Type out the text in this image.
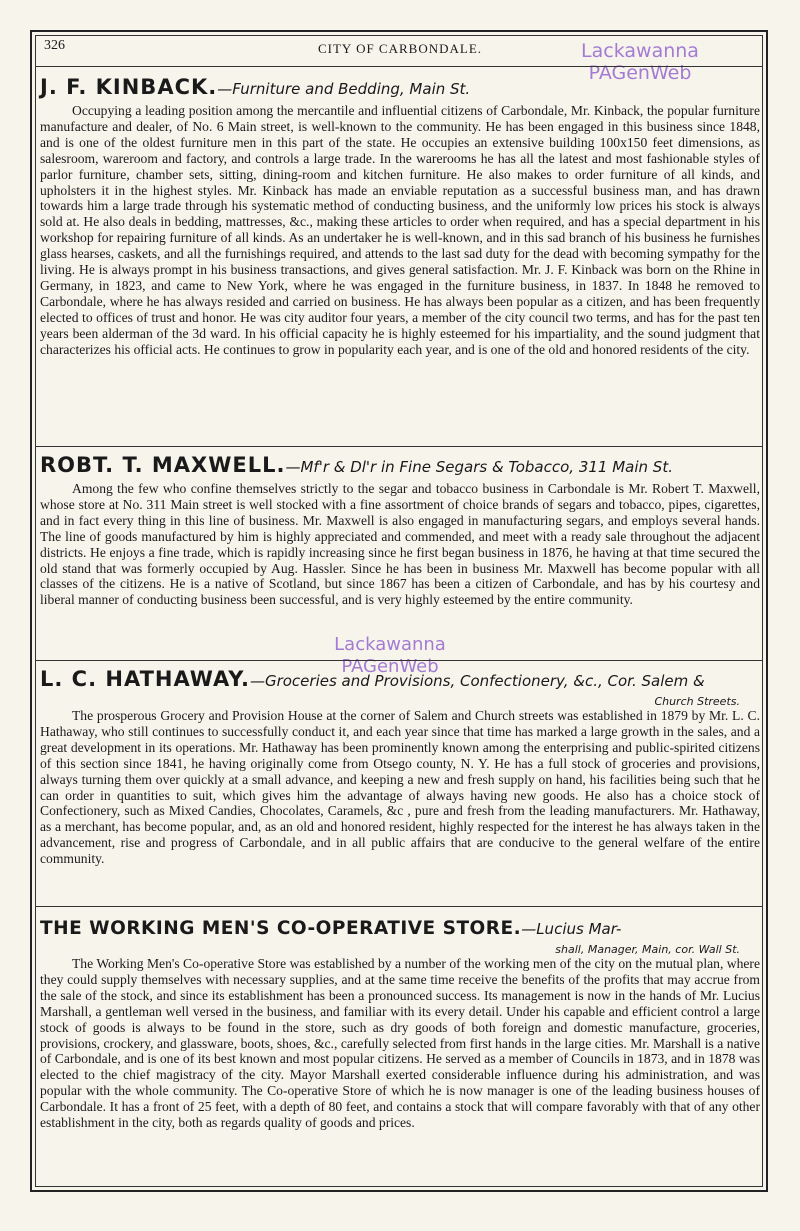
326	CITY OF CARBONDALE.	Lackawanna
PAGenWeb
J. F. KINBACK.—Furniture and Bedding, Main St.

Occupying a leading position among the mercantile and influential citizens of Carbondale, Mr. Kinback, the popular furniture manufacture and dealer, of No. 6 Main street, is well-known to the community. He has been engaged in this business since 1848, and is one of the oldest furniture men in this part of the state. He occupies an extensive building 100x150 feet dimensions, as salesroom, wareroom and factory, and controls a large trade. In the warerooms he has all the latest and most fashionable styles of parlor furniture, chamber sets, sitting, dining-room and kitchen furniture. He also makes to order furniture of all kinds, and upholsters it in the highest styles. Mr. Kinback has made an enviable reputation as a successful business man, and has drawn towards him a large trade through his systematic method of conducting business, and the uniformly low prices his stock is always sold at. He also deals in bedding, mattresses, &c., making these articles to order when required, and has a special department in his workshop for repairing furniture of all kinds. As an undertaker he is well-known, and in this sad branch of his business he furnishes glass hearses, caskets, and all the furnishings required, and attends to the last sad duty for the dead with becoming sympathy for the living. He is always prompt in his business transactions, and gives general satisfaction. Mr. J. F. Kinback was born on the Rhine in Germany, in 1823, and came to New York, where he was engaged in the furniture business, in 1837. In 1848 he removed to Carbondale, where he has always resided and carried on business. He has always been popular as a citizen, and has been frequently elected to offices of trust and honor. He was city auditor four years, a member of the city council two terms, and has for the past ten years been alderman of the 3d ward. In his official capacity he is highly esteemed for his impartiality, and the sound judgment that characterizes his official acts. He continues to grow in popularity each year, and is one of the old and honored residents of the city.

ROBT. T. MAXWELL.—Mf'r & Dl'r in Fine Segars & Tobacco, 311 Main St.

Among the few who confine themselves strictly to the segar and tobacco business in Carbondale is Mr. Robert T. Maxwell, whose store at No. 311 Main street is well stocked with a fine assortment of choice brands of segars and tobacco, pipes, cigarettes, and in fact every thing in this line of business. Mr. Maxwell is also engaged in manufacturing segars, and employs several hands. The line of goods manufactured by him is highly appreciated and commended, and meet with a ready sale throughout the adjacent districts. He enjoys a fine trade, which is rapidly increasing since he first began business in 1876, he having at that time secured the old stand that was formerly occupied by Aug. Hassler. Since he has been in business Mr. Maxwell has become popular with all classes of the citizens. He is a native of Scotland, but since 1867 has been a citizen of Carbondale, and has by his courtesy and liberal manner of conducting business been successful, and is very highly esteemed by the entire community.

Lackawanna
PAGenWeb
L. C. HATHAWAY.—Groceries and Provisions, Confectionery, &c., Cor. Salem &
Church Streets.

The prosperous Grocery and Provision House at the corner of Salem and Church streets was established in 1879 by Mr. L. C. Hathaway, who still continues to successfully conduct it, and each year since that time has marked a large growth in the sales, and a great development in its operations. Mr. Hathaway has been prominently known among the enterprising and public-spirited citizens of this section since 1841, he having originally come from Otsego county, N. Y. He has a full stock of groceries and provisions, always turning them over quickly at a small advance, and keeping a new and fresh supply on hand, his facilities being such that he can order in quantities to suit, which gives him the advantage of always having new goods. He also has a choice stock of Confectionery, such as Mixed Candies, Chocolates, Caramels, &c , pure and fresh from the leading manufacturers. Mr. Hathaway, as a merchant, has become popular, and, as an old and honored resident, highly respected for the interest he has always taken in the advancement, rise and progress of Carbondale, and in all public affairs that are conducive to the general welfare of the entire community.

THE WORKING MEN'S CO-OPERATIVE STORE.—Lucius Mar-
shall, Manager, Main, cor. Wall St.

The Working Men's Co-operative Store was established by a number of the working men of the city on the mutual plan, where they could supply themselves with necessary supplies, and at the same time receive the benefits of the profits that may accrue from the sale of the stock, and since its establishment has been a pronounced success. Its management is now in the hands of Mr. Lucius Marshall, a gentleman well versed in the business, and familiar with its every detail. Under his capable and efficient control a large stock of goods is always to be found in the store, such as dry goods of both foreign and domestic manufacture, groceries, provisions, crockery, and glassware, boots, shoes, &c., carefully selected from first hands in the large cities. Mr. Marshall is a native of Carbondale, and is one of its best known and most popular citizens. He served as a member of Councils in 1873, and in 1878 was elected to the chief magistracy of the city. Mayor Marshall exerted considerable influence during his administration, and was popular with the whole community. The Co-operative Store of which he is now manager is one of the leading business houses of Carbondale. It has a front of 25 feet, with a depth of 80 feet, and contains a stock that will compare favorably with that of any other establishment in the city, both as regards quality of goods and prices.
